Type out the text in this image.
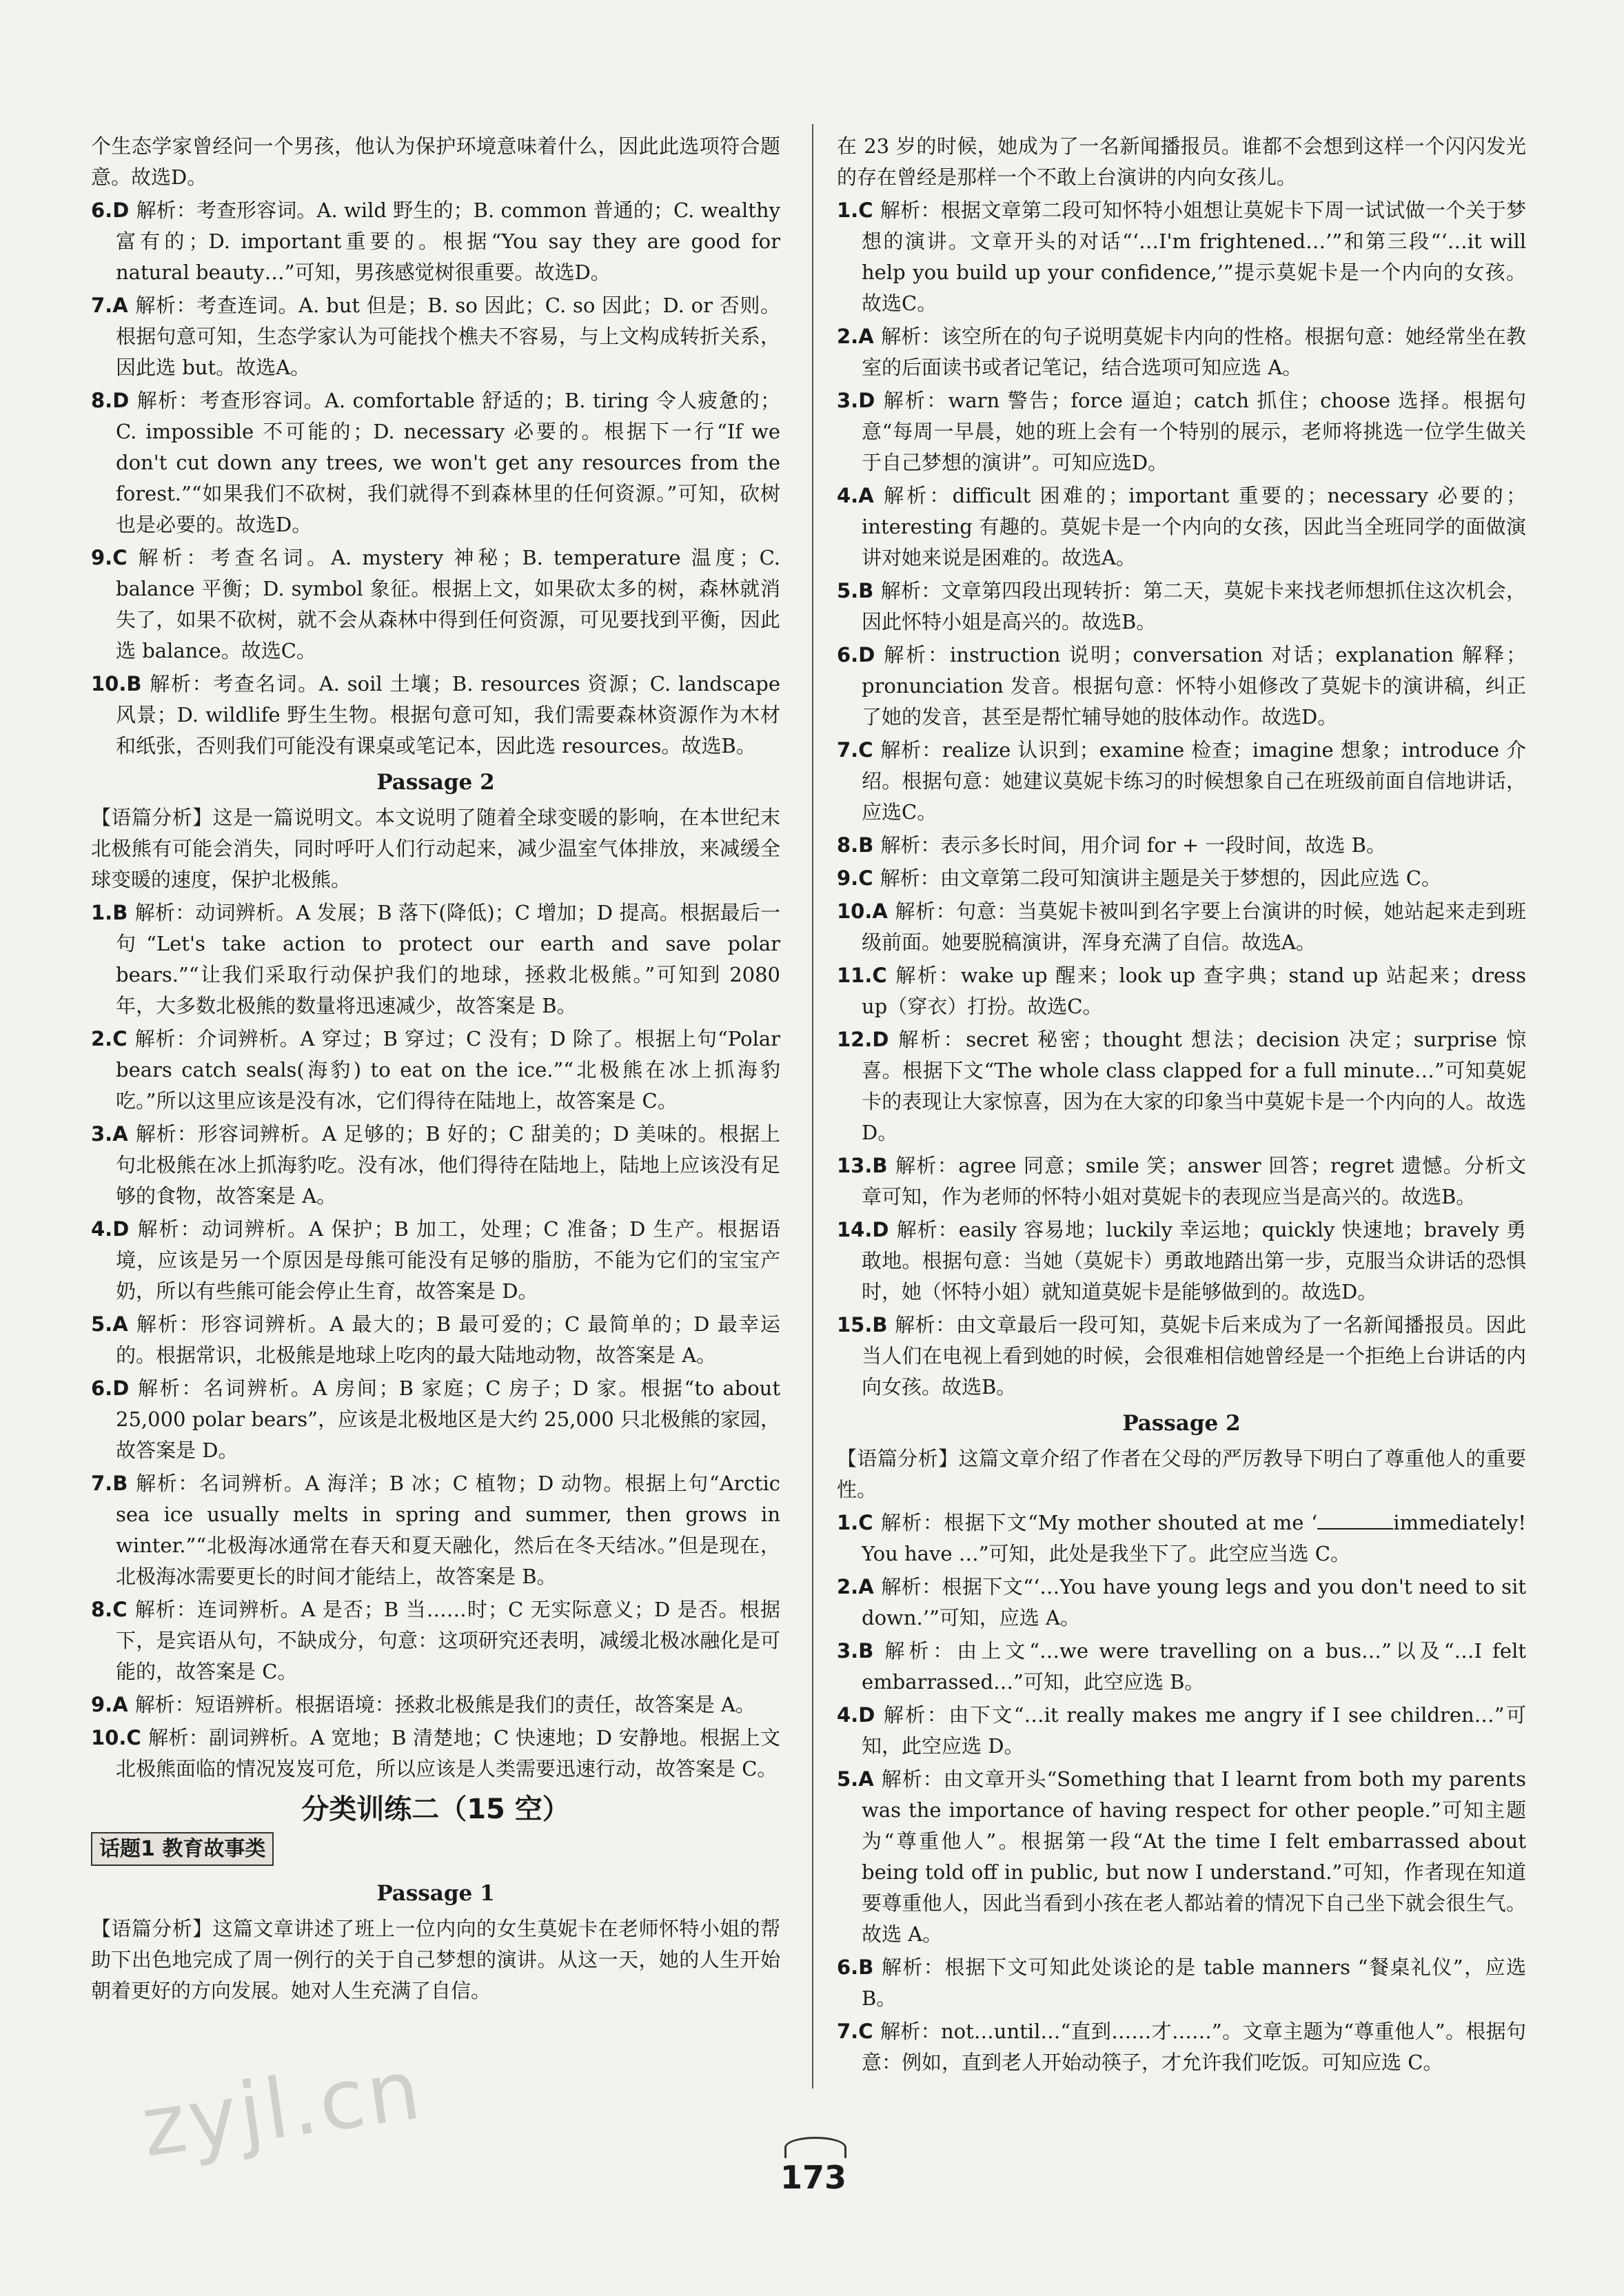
个生态学家曾经问一个男孩，他认为保护环境意味着什么，因此此选项符合题意。故选D。

6.D 解析：考查形容词。A. wild 野生的；B. common 普通的；C. wealthy 富有的；D. important重要的。根据“You say they are good for natural beauty…”可知，男孩感觉树很重要。故选D。

7.A 解析：考查连词。A. but 但是；B. so 因此；C. so 因此；D. or 否则。根据句意可知，生态学家认为可能找个樵夫不容易，与上文构成转折关系，因此选 but。故选A。

8.D 解析：考查形容词。A. comfortable 舒适的；B. tiring 令人疲惫的；C. impossible 不可能的；D. necessary 必要的。根据下一行“If we don't cut down any trees, we won't get any resources from the forest.”“如果我们不砍树，我们就得不到森林里的任何资源。”可知，砍树也是必要的。故选D。

9.C 解析：考查名词。A. mystery 神秘；B. temperature 温度；C. balance 平衡；D. symbol 象征。根据上文，如果砍太多的树，森林就消失了，如果不砍树，就不会从森林中得到任何资源，可见要找到平衡，因此选 balance。故选C。

10.B 解析：考查名词。A. soil 土壤；B. resources 资源；C. landscape 风景；D. wildlife 野生生物。根据句意可知，我们需要森林资源作为木材和纸张，否则我们可能没有课桌或笔记本，因此选 resources。故选B。

Passage 2

【语篇分析】这是一篇说明文。本文说明了随着全球变暖的影响，在本世纪末北极熊有可能会消失，同时呼吁人们行动起来，减少温室气体排放，来减缓全球变暖的速度，保护北极熊。

1.B 解析：动词辨析。A 发展；B 落下(降低)；C 增加；D 提高。根据最后一句“Let's take action to protect our earth and save polar bears.”“让我们采取行动保护我们的地球，拯救北极熊。”可知到 2080 年，大多数北极熊的数量将迅速减少，故答案是 B。

2.C 解析：介词辨析。A 穿过；B 穿过；C 没有；D 除了。根据上句“Polar bears catch seals(海豹) to eat on the ice.”“北极熊在冰上抓海豹吃。”所以这里应该是没有冰，它们得待在陆地上，故答案是 C。

3.A 解析：形容词辨析。A 足够的；B 好的；C 甜美的；D 美味的。根据上句北极熊在冰上抓海豹吃。没有冰，他们得待在陆地上，陆地上应该没有足够的食物，故答案是 A。

4.D 解析：动词辨析。A 保护；B 加工，处理；C 准备；D 生产。根据语境，应该是另一个原因是母熊可能没有足够的脂肪，不能为它们的宝宝产奶，所以有些熊可能会停止生育，故答案是 D。

5.A 解析：形容词辨析。A 最大的；B 最可爱的；C 最简单的；D 最幸运的。根据常识，北极熊是地球上吃肉的最大陆地动物，故答案是 A。

6.D 解析：名词辨析。A 房间；B 家庭；C 房子；D 家。根据“to about 25,000 polar bears”，应该是北极地区是大约 25,000 只北极熊的家园，故答案是 D。

7.B 解析：名词辨析。A 海洋；B 冰；C 植物；D 动物。根据上句“Arctic sea ice usually melts in spring and summer, then grows in winter.”“北极海冰通常在春天和夏天融化，然后在冬天结冰。”但是现在，北极海冰需要更长的时间才能结上，故答案是 B。

8.C 解析：连词辨析。A 是否；B 当……时；C 无实际意义；D 是否。根据下，是宾语从句，不缺成分，句意：这项研究还表明，减缓北极冰融化是可能的，故答案是 C。

9.A 解析：短语辨析。根据语境：拯救北极熊是我们的责任，故答案是 A。

10.C 解析：副词辨析。A 宽地；B 清楚地；C 快速地；D 安静地。根据上文北极熊面临的情况岌岌可危，所以应该是人类需要迅速行动，故答案是 C。

分类训练二（15 空）
话题1 教育故事类
Passage 1

【语篇分析】这篇文章讲述了班上一位内向的女生莫妮卡在老师怀特小姐的帮助下出色地完成了周一例行的关于自己梦想的演讲。从这一天，她的人生开始朝着更好的方向发展。她对人生充满了自信。

在 23 岁的时候，她成为了一名新闻播报员。谁都不会想到这样一个闪闪发光的存在曾经是那样一个不敢上台演讲的内向女孩儿。

1.C 解析：根据文章第二段可知怀特小姐想让莫妮卡下周一试试做一个关于梦想的演讲。文章开头的对话“‘…I'm frightened…’”和第三段“‘…it will help you build up your confidence,’”提示莫妮卡是一个内向的女孩。故选C。

2.A 解析：该空所在的句子说明莫妮卡内向的性格。根据句意：她经常坐在教室的后面读书或者记笔记，结合选项可知应选 A。

3.D 解析：warn 警告；force 逼迫；catch 抓住；choose 选择。根据句意“每周一早晨，她的班上会有一个特别的展示，老师将挑选一位学生做关于自己梦想的演讲”。可知应选D。

4.A 解析：difficult 困难的；important 重要的；necessary 必要的；interesting 有趣的。莫妮卡是一个内向的女孩，因此当全班同学的面做演讲对她来说是困难的。故选A。

5.B 解析：文章第四段出现转折：第二天，莫妮卡来找老师想抓住这次机会，因此怀特小姐是高兴的。故选B。

6.D 解析：instruction 说明；conversation 对话；explanation 解释；pronunciation 发音。根据句意：怀特小姐修改了莫妮卡的演讲稿，纠正了她的发音，甚至是帮忙辅导她的肢体动作。故选D。

7.C 解析：realize 认识到；examine 检查；imagine 想象；introduce 介绍。根据句意：她建议莫妮卡练习的时候想象自己在班级前面自信地讲话，应选C。

8.B 解析：表示多长时间，用介词 for + 一段时间，故选 B。

9.C 解析：由文章第二段可知演讲主题是关于梦想的，因此应选 C。

10.A 解析：句意：当莫妮卡被叫到名字要上台演讲的时候，她站起来走到班级前面。她要脱稿演讲，浑身充满了自信。故选A。

11.C 解析：wake up 醒来；look up 查字典；stand up 站起来；dress up（穿衣）打扮。故选C。

12.D 解析：secret 秘密；thought 想法；decision 决定；surprise 惊喜。根据下文“The whole class clapped for a full minute…”可知莫妮卡的表现让大家惊喜，因为在大家的印象当中莫妮卡是一个内向的人。故选D。

13.B 解析：agree 同意；smile 笑；answer 回答；regret 遗憾。分析文章可知，作为老师的怀特小姐对莫妮卡的表现应当是高兴的。故选B。

14.D 解析：easily 容易地；luckily 幸运地；quickly 快速地；bravely 勇敢地。根据句意：当她（莫妮卡）勇敢地踏出第一步，克服当众讲话的恐惧时，她（怀特小姐）就知道莫妮卡是能够做到的。故选D。

15.B 解析：由文章最后一段可知，莫妮卡后来成为了一名新闻播报员。因此当人们在电视上看到她的时候，会很难相信她曾经是一个拒绝上台讲话的内向女孩。故选B。

Passage 2

【语篇分析】这篇文章介绍了作者在父母的严厉教导下明白了尊重他人的重要性。

1.C 解析：根据下文“My mother shouted at me ‘	immediately! You have …”可知，此处是我坐下了。此空应当选 C。

2.A 解析：根据下文“‘…You have young legs and you don't need to sit down.’”可知，应选 A。

3.B 解析：由上文“…we were travelling on a bus…”以及“…I felt embarrassed…”可知，此空应选 B。

4.D 解析：由下文“…it really makes me angry if I see children…”可知，此空应选 D。

5.A 解析：由文章开头“Something that I learnt from both my parents was the importance of having respect for other people.”可知主题为“尊重他人”。根据第一段“At the time I felt embarrassed about being told off in public, but now I understand.”可知，作者现在知道要尊重他人，因此当看到小孩在老人都站着的情况下自己坐下就会很生气。故选 A。

6.B 解析：根据下文可知此处谈论的是 table manners “餐桌礼仪”，应选 B。

7.C 解析：not…until…“直到……才……”。文章主题为“尊重他人”。根据句意：例如，直到老人开始动筷子，才允许我们吃饭。可知应选 C。

zyjl.cn
173
